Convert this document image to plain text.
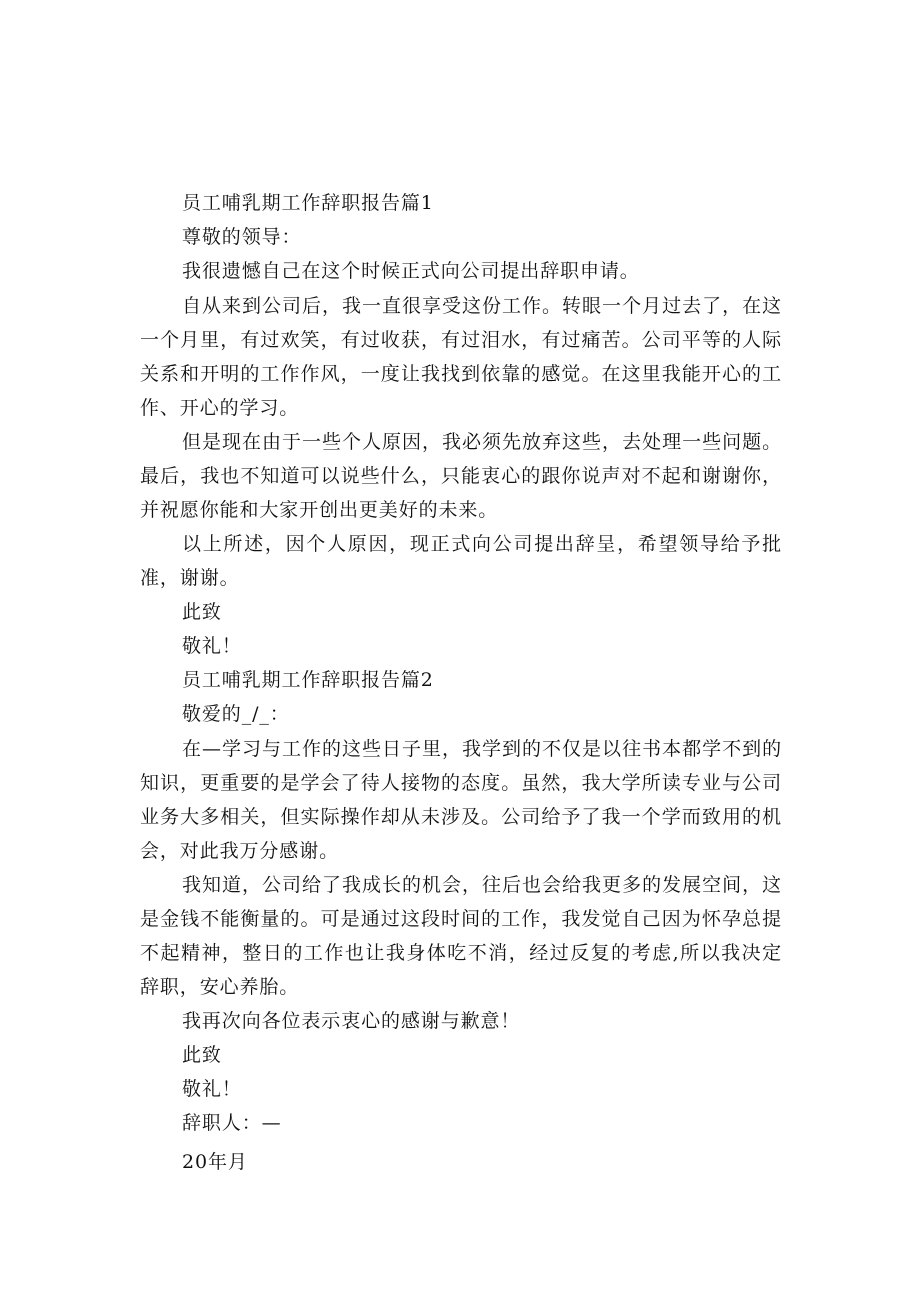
员工哺乳期工作辞职报告篇1
尊敬的领导：
我很遗憾自己在这个时候正式向公司提出辞职申请。
自从来到公司后，我一直很享受这份工作。转眼一个月过去了，在这一个月里，有过欢笑，有过收获，有过泪水，有过痛苦。公司平等的人际关系和开明的工作作风，一度让我找到依靠的感觉。在这里我能开心的工作、开心的学习。
但是现在由于一些个人原因，我必须先放弃这些，去处理一些问题。最后，我也不知道可以说些什么，只能衷心的跟你说声对不起和谢谢你，并祝愿你能和大家开创出更美好的未来。
以上所述，因个人原因，现正式向公司提出辞呈，希望领导给予批准，谢谢。
此致
敬礼！
员工哺乳期工作辞职报告篇2
敬爱的_/_：
在—学习与工作的这些日子里，我学到的不仅是以往书本都学不到的知识，更重要的是学会了待人接物的态度。虽然，我大学所读专业与公司业务大多相关，但实际操作却从未涉及。公司给予了我一个学而致用的机会，对此我万分感谢。
我知道，公司给了我成长的机会，往后也会给我更多的发展空间，这是金钱不能衡量的。可是通过这段时间的工作，我发觉自己因为怀孕总提不起精神，整日的工作也让我身体吃不消，经过反复的考虑,所以我决定辞职，安心养胎。
我再次向各位表示衷心的感谢与歉意！
此致
敬礼！
辞职人：—
20年月
